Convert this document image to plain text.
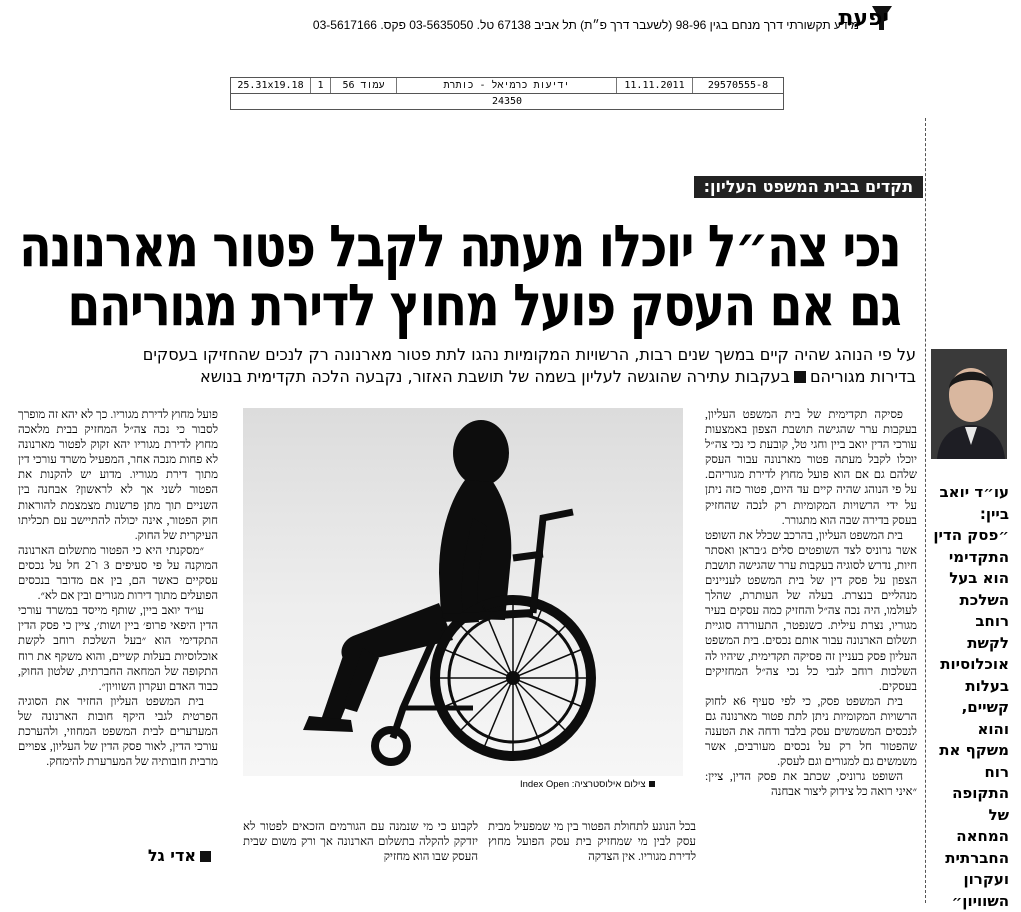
יפעת
מידע תקשורתי דרך מנחם בגין 98-96 (לשעבר דרך פ״ת) תל אביב 67138 טל. 03-5635050 פקס. 03-5617166
25.31x19.18	1	עמוד 56	ידיעות כרמיאל - כותרת	11.11.2011	29570555-8
24350
תקדים בבית המשפט העליון:
נכי צה״ל יוכלו מעתה לקבל פטור מארנונה
גם אם העסק פועל מחוץ לדירת מגוריהם
על פי הנוהג שהיה קיים במשך שנים רבות, הרשויות המקומיות נהגו לתת פטור מארנונה רק לנכים שהחזיקו בעסקים
בדירות מגוריהםבעקבות עתירה שהוגשה לעליון בשמה של תושבת האזור, נקבעה הלכה תקדימית בנושא

פסיקה תקדימית של בית המשפט העליון, בעקבות ערר שהגישה תושבת הצפון באמצעות עורכי הדין יואב ביין וחגי טל, קובעת כי נכי צה״ל יוכלו לקבל מעתה פטור מארנונה עבור העסק שלהם גם אם הוא פועל מחוץ לדירת מגוריהם. על פי הנוהג שהיה קיים עד היום, פטור כזה ניתן על ידי הרשויות המקומיות רק לנכה שהחזיק בעסק בדירה שבה הוא מתגורר.

בית המשפט העליון, בהרכב שכלל את השופט אשר גרוניס לצד השופטים סלים ג׳בראן ואסתר חיות, נדרש לסוגיה בעקבות ערר שהגישה תושבת הצפון על פסק דין של בית המשפט לעניינים מנהליים בנצרת. בעלה של העותרת, שהלך לעולמו, היה נכה צה״ל והחזיק כמה עסקים בעיר מגוריו, נצרת עילית. כשנפטר, התעוררה סוגיית תשלום הארנונה עבור אותם נכסים. בית המשפט העליון פסק בעניין זה פסיקה תקדימית, שיהיו לה השלכות רוחב לגבי כל נכי צה״ל המחזיקים בעסקים.

בית המשפט פסק, כי לפי סעיף 6א לחוק הרשויות המקומיות ניתן לתת פטור מארנונה גם לנכסים המשמשים עסק בלבד ודחה את הטענה שהפטור חל רק על נכסים מעורבים, אשר משמשים גם למגורים וגם לעסק.

השופט גרוניס, שכתב את פסק הדין, ציין: ״איני רואה כל צידוק ליצור אבחנה

צילום אילוסטרציה: Index Open

בכל הנוגע לתחולת הפטור בין מי שמפעיל מבית עסק לבין מי שמחזיק בית עסק הפועל מחוץ לדירת מגוריו. אין הצדקה

לקבוע כי מי שנמנה עם הגורמים הזכאים לפטור לא יזדקק להקלה בתשלום הארנונה אך ורק משום שבית העסק שבו הוא מחזיק

פועל מחוץ לדירת מגוריו. כך לא יהא זה מופרך לסבור כי נכה צה״ל המחזיק בבית מלאכה מחוץ לדירת מגוריו יהא זקוק לפטור מארנונה לא פחות מנכה אחר, המפעיל משרד עורכי דין מתוך דירת מגוריו. מדוע יש להקנות את הפטור לשני אך לא לראשון? אבחנה בין השניים תוך מתן פרשנות מצמצמת להוראות חוק הפטור, אינה יכולה להתיישב עם תכליתו העיקרית של החוק.

״מסקנתי היא כי הפטור מתשלום הארנונה המוקנה על פי סעיפים 3 ו־2 חל על נכסים עסקיים כאשר הם, בין אם מדובר בנכסים הפועלים מתוך דירות מגורים ובין אם לא״.

עו״ד יואב ביין, שותף מייסד במשרד עורכי הדין היפאי פרופ׳ ביין ושות׳, ציין כי פסק הדין התקדימי הוא ״בעל השלכת רוחב לקשת אוכלוסיות בעלות קשיים, והוא משקף את רוח התקופה של המחאה החברתית, שלטון החוק, כבוד האדם ועקרון השוויון״.

בית המשפט העליון החזיר את הסוגיה הפרטית לגבי היקף חובות הארנונה של המערערים לבית המשפט המחוזי, ולהערכת עורכי הדין, לאור פסק הדין של העליון, צפויים מרבית חובותיה של המערערת להימחק.

אדי גל
עו״ד יואב ביין:
״פסק הדין התקדימי הוא בעל השלכת רוחב לקשת אוכלוסיות בעלות קשיים, והוא משקף את רוח התקופה של המחאה החברתית ועקרון השוויון״
